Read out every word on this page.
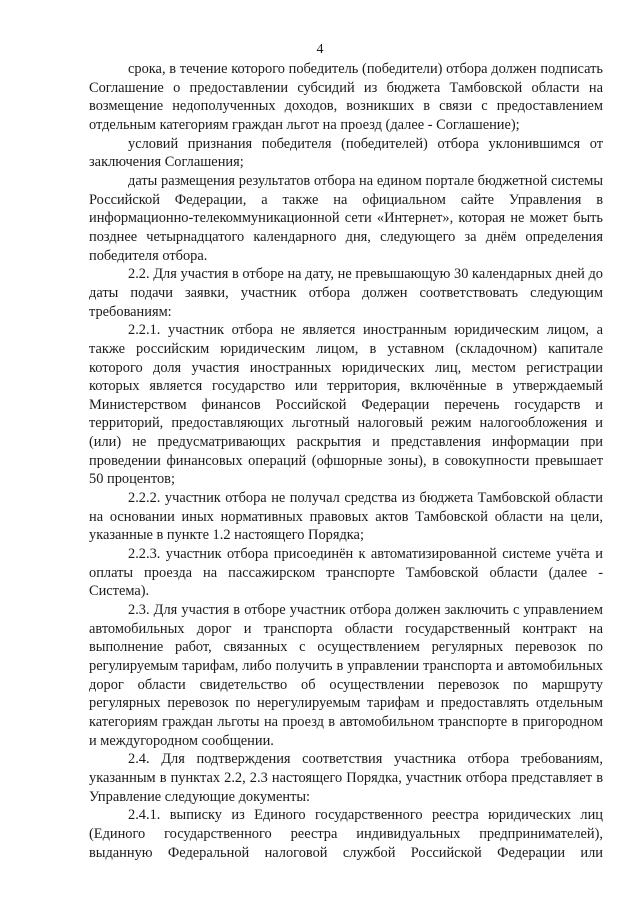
4

срока, в течение которого победитель (победители) отбора должен подписать Соглашение о предоставлении субсидий из бюджета Тамбовской области на возмещение недополученных доходов, возникших в связи с предоставлением отдельным категориям граждан льгот на проезд (далее - Соглашение);

условий признания победителя (победителей) отбора уклонившимся от заключения Соглашения;

даты размещения результатов отбора на едином портале бюджетной системы Российской Федерации, а также на официальном сайте Управления в информационно-телекоммуникационной сети «Интернет», которая не может быть позднее четырнадцатого календарного дня, следующего за днём определения победителя отбора.

2.2. Для участия в отборе на дату, не превышающую 30 календарных дней до даты подачи заявки, участник отбора должен соответствовать следующим требованиям:

2.2.1. участник отбора не является иностранным юридическим лицом, а также российским юридическим лицом, в уставном (складочном) капитале которого доля участия иностранных юридических лиц, местом регистрации которых является государство или территория, включённые в утверждаемый Министерством финансов Российской Федерации перечень государств и территорий, предоставляющих льготный налоговый режим налогообложения и (или) не предусматривающих раскрытия и представления информации при проведении финансовых операций (офшорные зоны), в совокупности превышает 50 процентов;

2.2.2. участник отбора не получал средства из бюджета Тамбовской области на основании иных нормативных правовых актов Тамбовской области на цели, указанные в пункте 1.2 настоящего Порядка;

2.2.3. участник отбора присоединён к автоматизированной системе учёта и оплаты проезда на пассажирском транспорте Тамбовской области (далее - Система).

2.3. Для участия в отборе участник отбора должен заключить с управлением автомобильных дорог и транспорта области государственный контракт на выполнение работ, связанных с осуществлением регулярных перевозок по регулируемым тарифам, либо получить в управлении транспорта и автомобильных дорог области свидетельство об осуществлении перевозок по маршруту регулярных перевозок по нерегулируемым тарифам и предоставлять отдельным категориям граждан льготы на проезд в автомобильном транспорте в пригородном и междугородном сообщении.

2.4. Для подтверждения соответствия участника отбора требованиям, указанным в пунктах 2.2, 2.3 настоящего Порядка, участник отбора представляет в Управление следующие документы:

2.4.1. выписку из Единого государственного реестра юридических лиц (Единого государственного реестра индивидуальных предпринимателей), выданную Федеральной налоговой службой Российской Федерации или
